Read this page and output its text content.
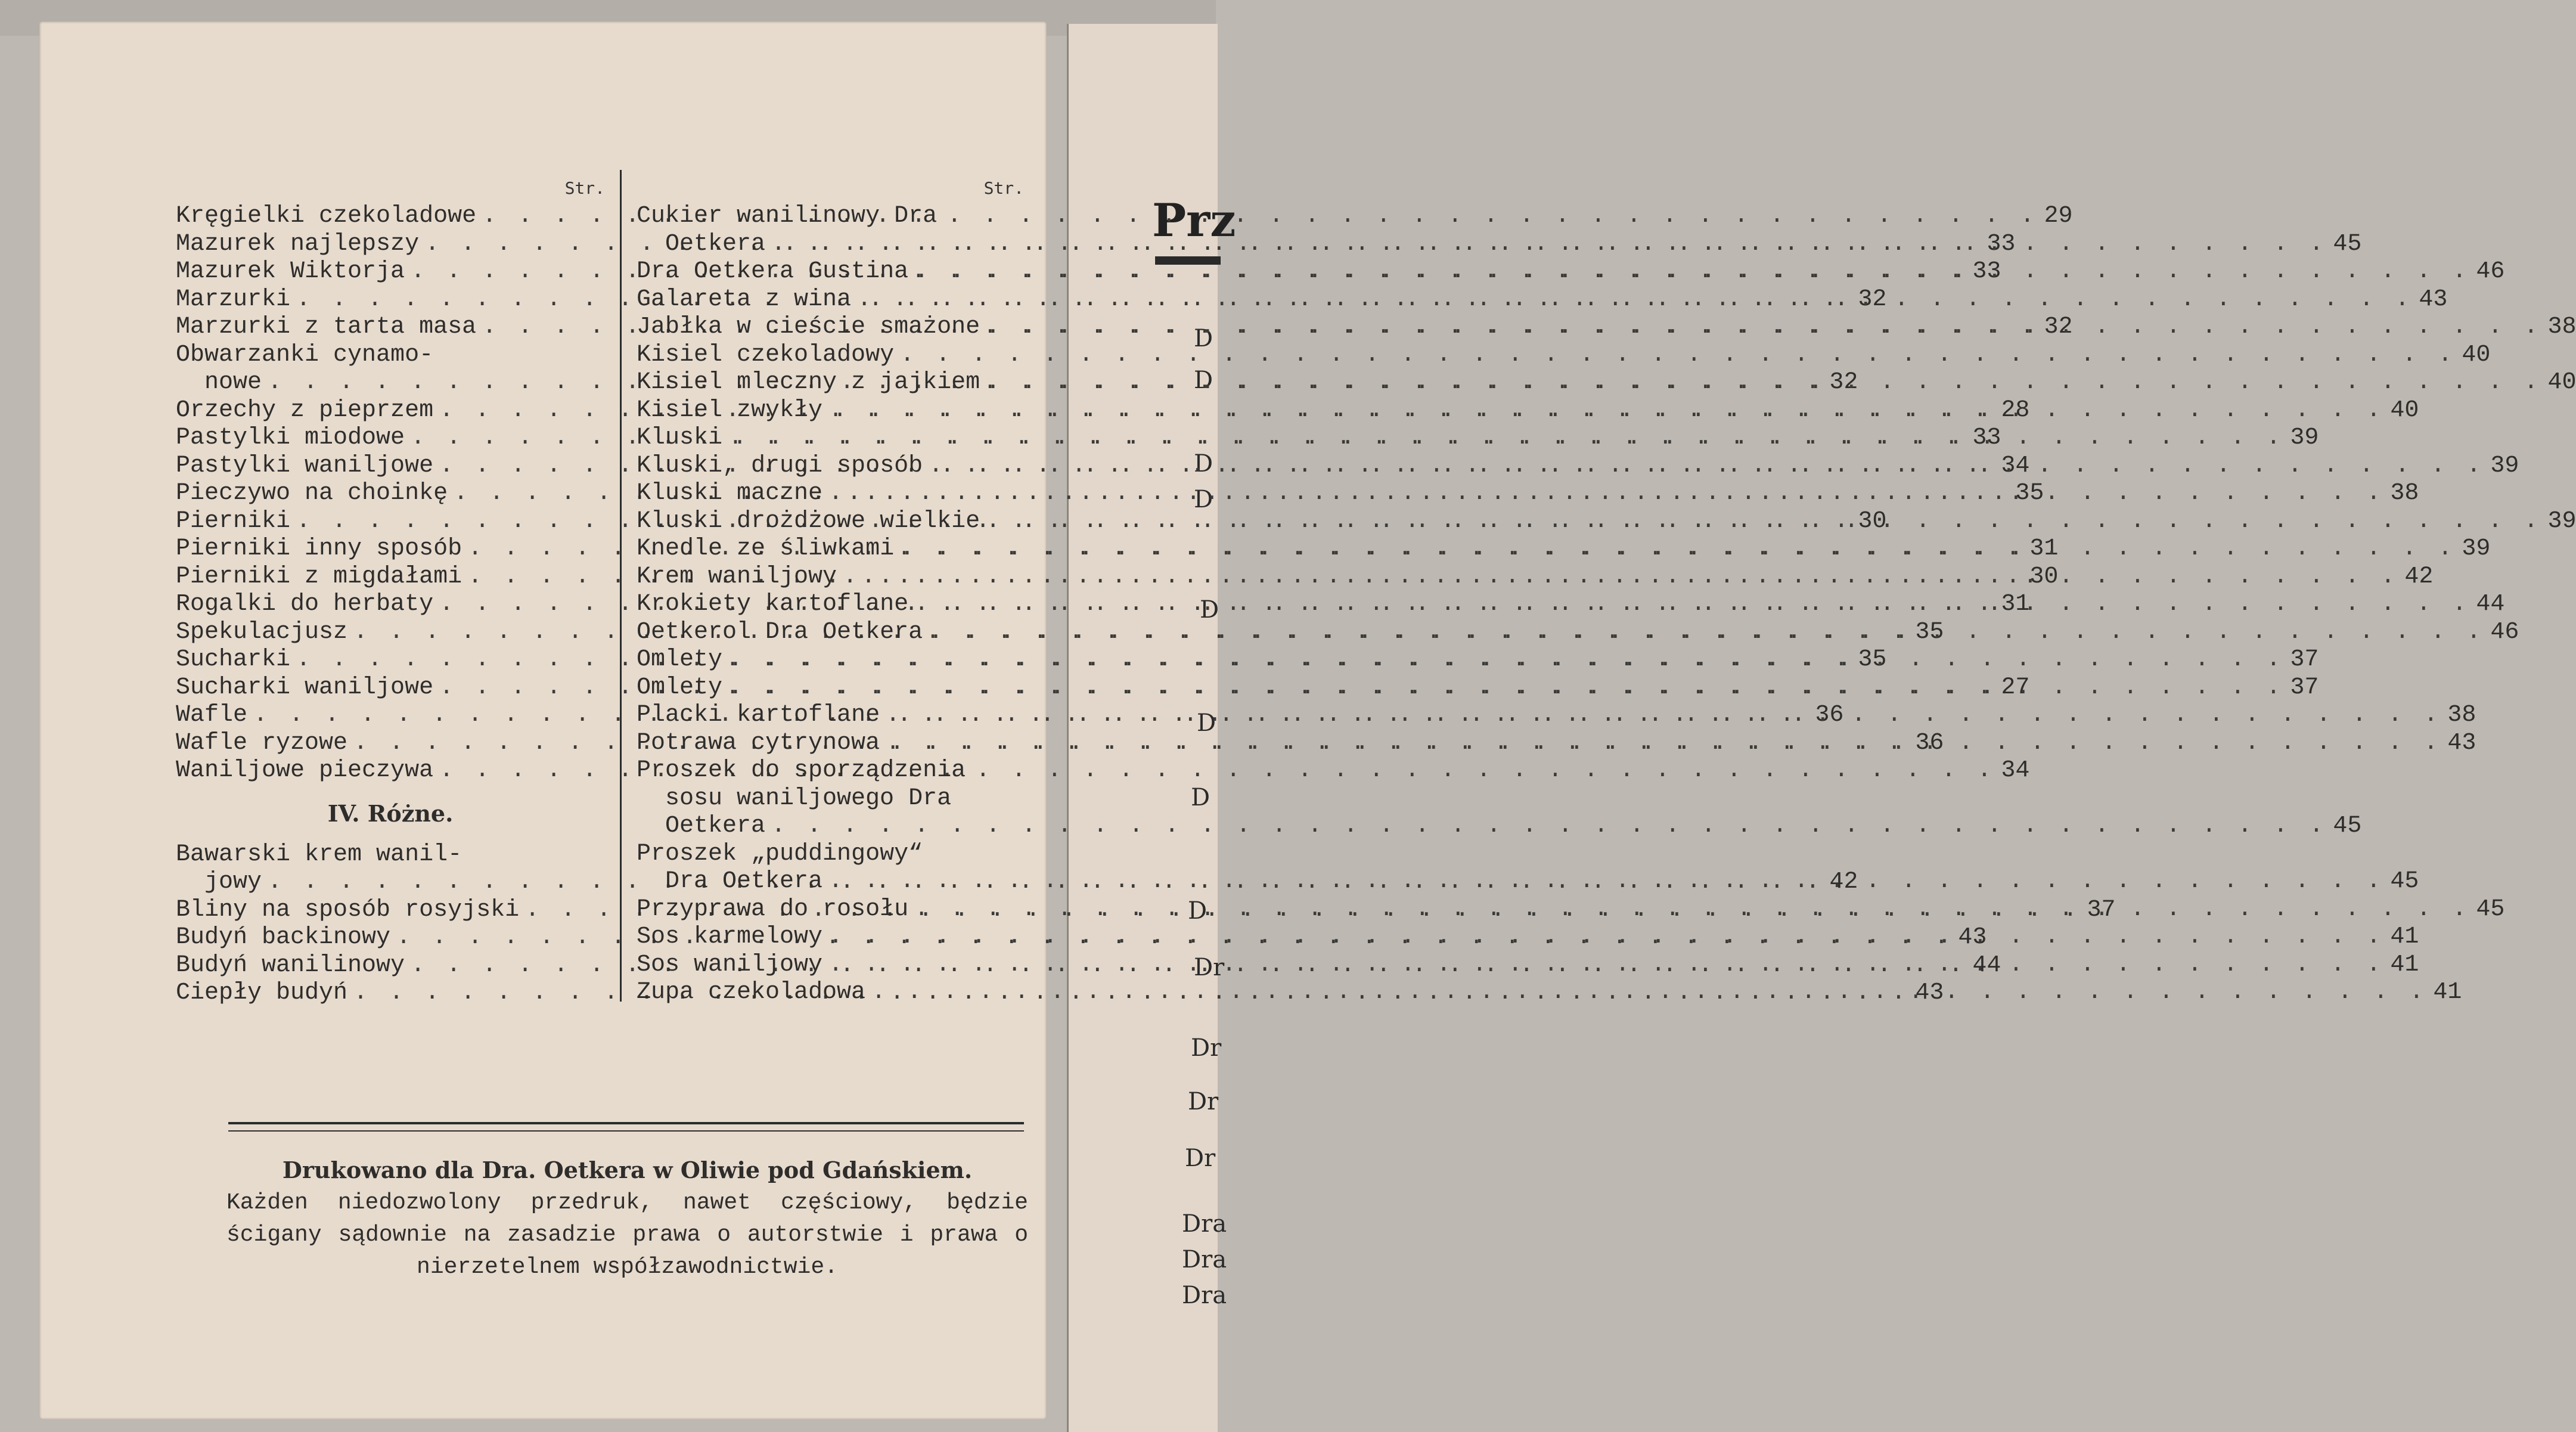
Prz
D
D
D
D
D
D
D
D
Dr
Dr
Dr
Dr
Dra
Dra
Dra
Str.
Kręgielki czekoladowe . . .	29
Mazurek najlepszy . . .	33
Mazurek Wiktorja . . .	33
Marzurki . . .	32
Marzurki z tarta masa . . .	32
Obwarzanki cynamo-
nowe . . .	32
Orzechy z pieprzem . . .	28
Pastylki miodowe . . .	33
Pastylki waniljowe . . .	34
Pieczywo na choinkę . . .	35
Pierniki . . .	30
Pierniki inny sposób . . .	31
Pierniki z migdałami . . .	30
Rogalki do herbaty . . .	31
Spekulacjusz . . .	35
Sucharki . . .	35
Sucharki waniljowe . . .	27
Wafle . . .	36
Wafle ryzowe . . .	36
Waniljowe pieczywa . . .	34
IV. Różne.
Bawarski krem wanil-
jowy . . .	42
Bliny na sposób rosyjski . . .	37
Budyń backinowy . . .	43
Budyń wanilinowy . . .	44
Ciepły budyń . . .	43
Str.
Cukier wanilinowy Dra
Oetkera . . .	45
Dra Oetkera Gustina . . .	46
Galareta z wina . . .	43
Jabłka w cieście smażone . . .	38
Kisiel czekoladowy . . .	40
Kisiel mleczny z jajkiem . . .	40
Kisiel zwykły . . .	40
Kluski . . .	39
Kluski, drugi sposób . . .	39
Kluski maczne . . .	38
Kluski drożdżowe wielkie . . .	39
Knedle ze śliwkami . . .	39
Krem waniljowy . . .	42
Krokiety kartoflane . . .	44
Oetkerol Dra Oetkera . . .	46
Omlety . . .	37
Omlety . . .	37
Placki kartoflane . . .	38
Potrawa cytrynowa . . .	43
Proszek do sporządzenia
sosu waniljowego Dra
Oetkera . . .	45
Proszek „puddingowy“
Dra Oetkera . . .	45
Przyprawa do rosołu . . .	45
Sos karmelowy . . .	41
Sos waniljowy . . .	41
Zupa czekoladowa . . .	41
Drukowano dla Dra. Oetkera w Oliwie pod Gdańskiem.
Każden niedozwolony przedruk, nawet częściowy, będzie ścigany sądownie na zasadzie prawa o autorstwie i prawa o nierzetelnem współzawodnictwie.
